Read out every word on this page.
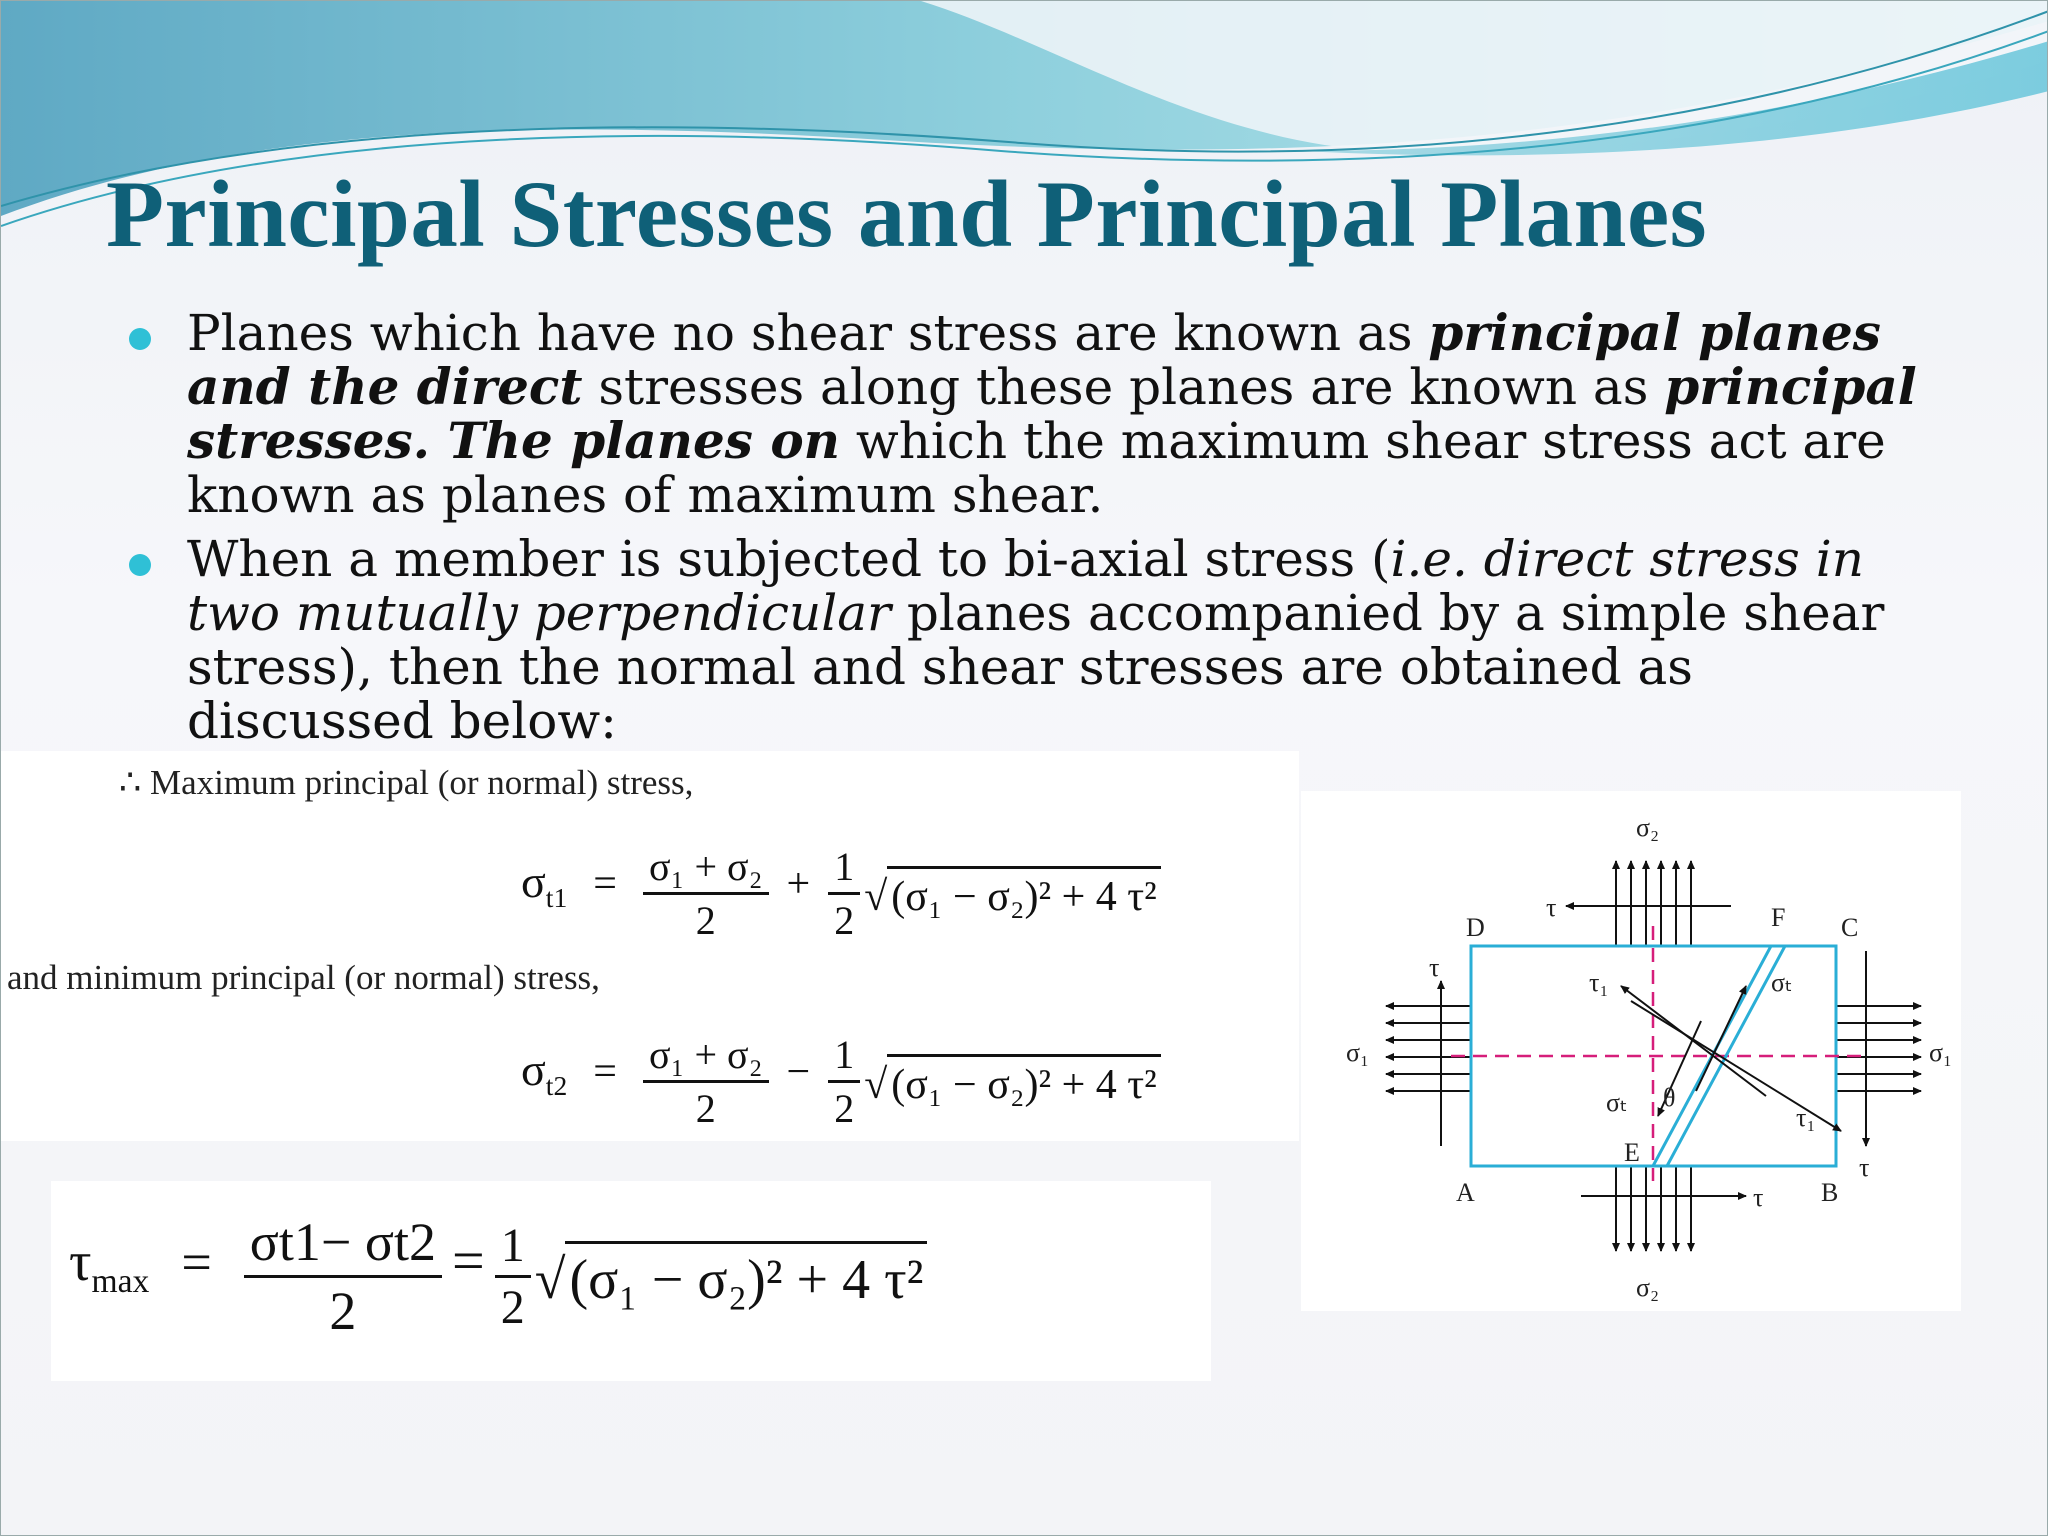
Principal Stresses and Principal Planes
Planes which have no shear stress are known as principal planes and the direct stresses along these planes are known as principal stresses. The planes on which the maximum shear stress act are known as planes of maximum shear.
When a member is subjected to bi-axial stress (i.e. direct stress in two mutually perpendicular planes accompanied by a simple shear stress), then the normal and shear stresses are obtained as discussed below:
∴ Maximum principal (or normal) stress,
$\sigma_{t1} = \frac{\text{σ₁ + σ₂}}{2} + \frac{1}{2} √(\sigma_1 - \sigma_2)^2 + 4$ τ²
and minimum principal (or normal) stress,
$\sigma_{t2} = \frac{\text{σ₁ + σ₂}}{2} - \frac{1}{2} √(\sigma_1 - \sigma_2)^2 + 4$ τ²
$\tau_{max} = \frac{\sigma t1- \sigma t2}{2} = \frac{1}{2} √(\sigma_1 - \sigma_2)^2 + 4$ τ²
D	C
F
A	B
E
σ₂
σ₂
σ₁	σ₁
τ
τ
τ
τ
τ₁
τ₁
σₜ
σₜ θ
